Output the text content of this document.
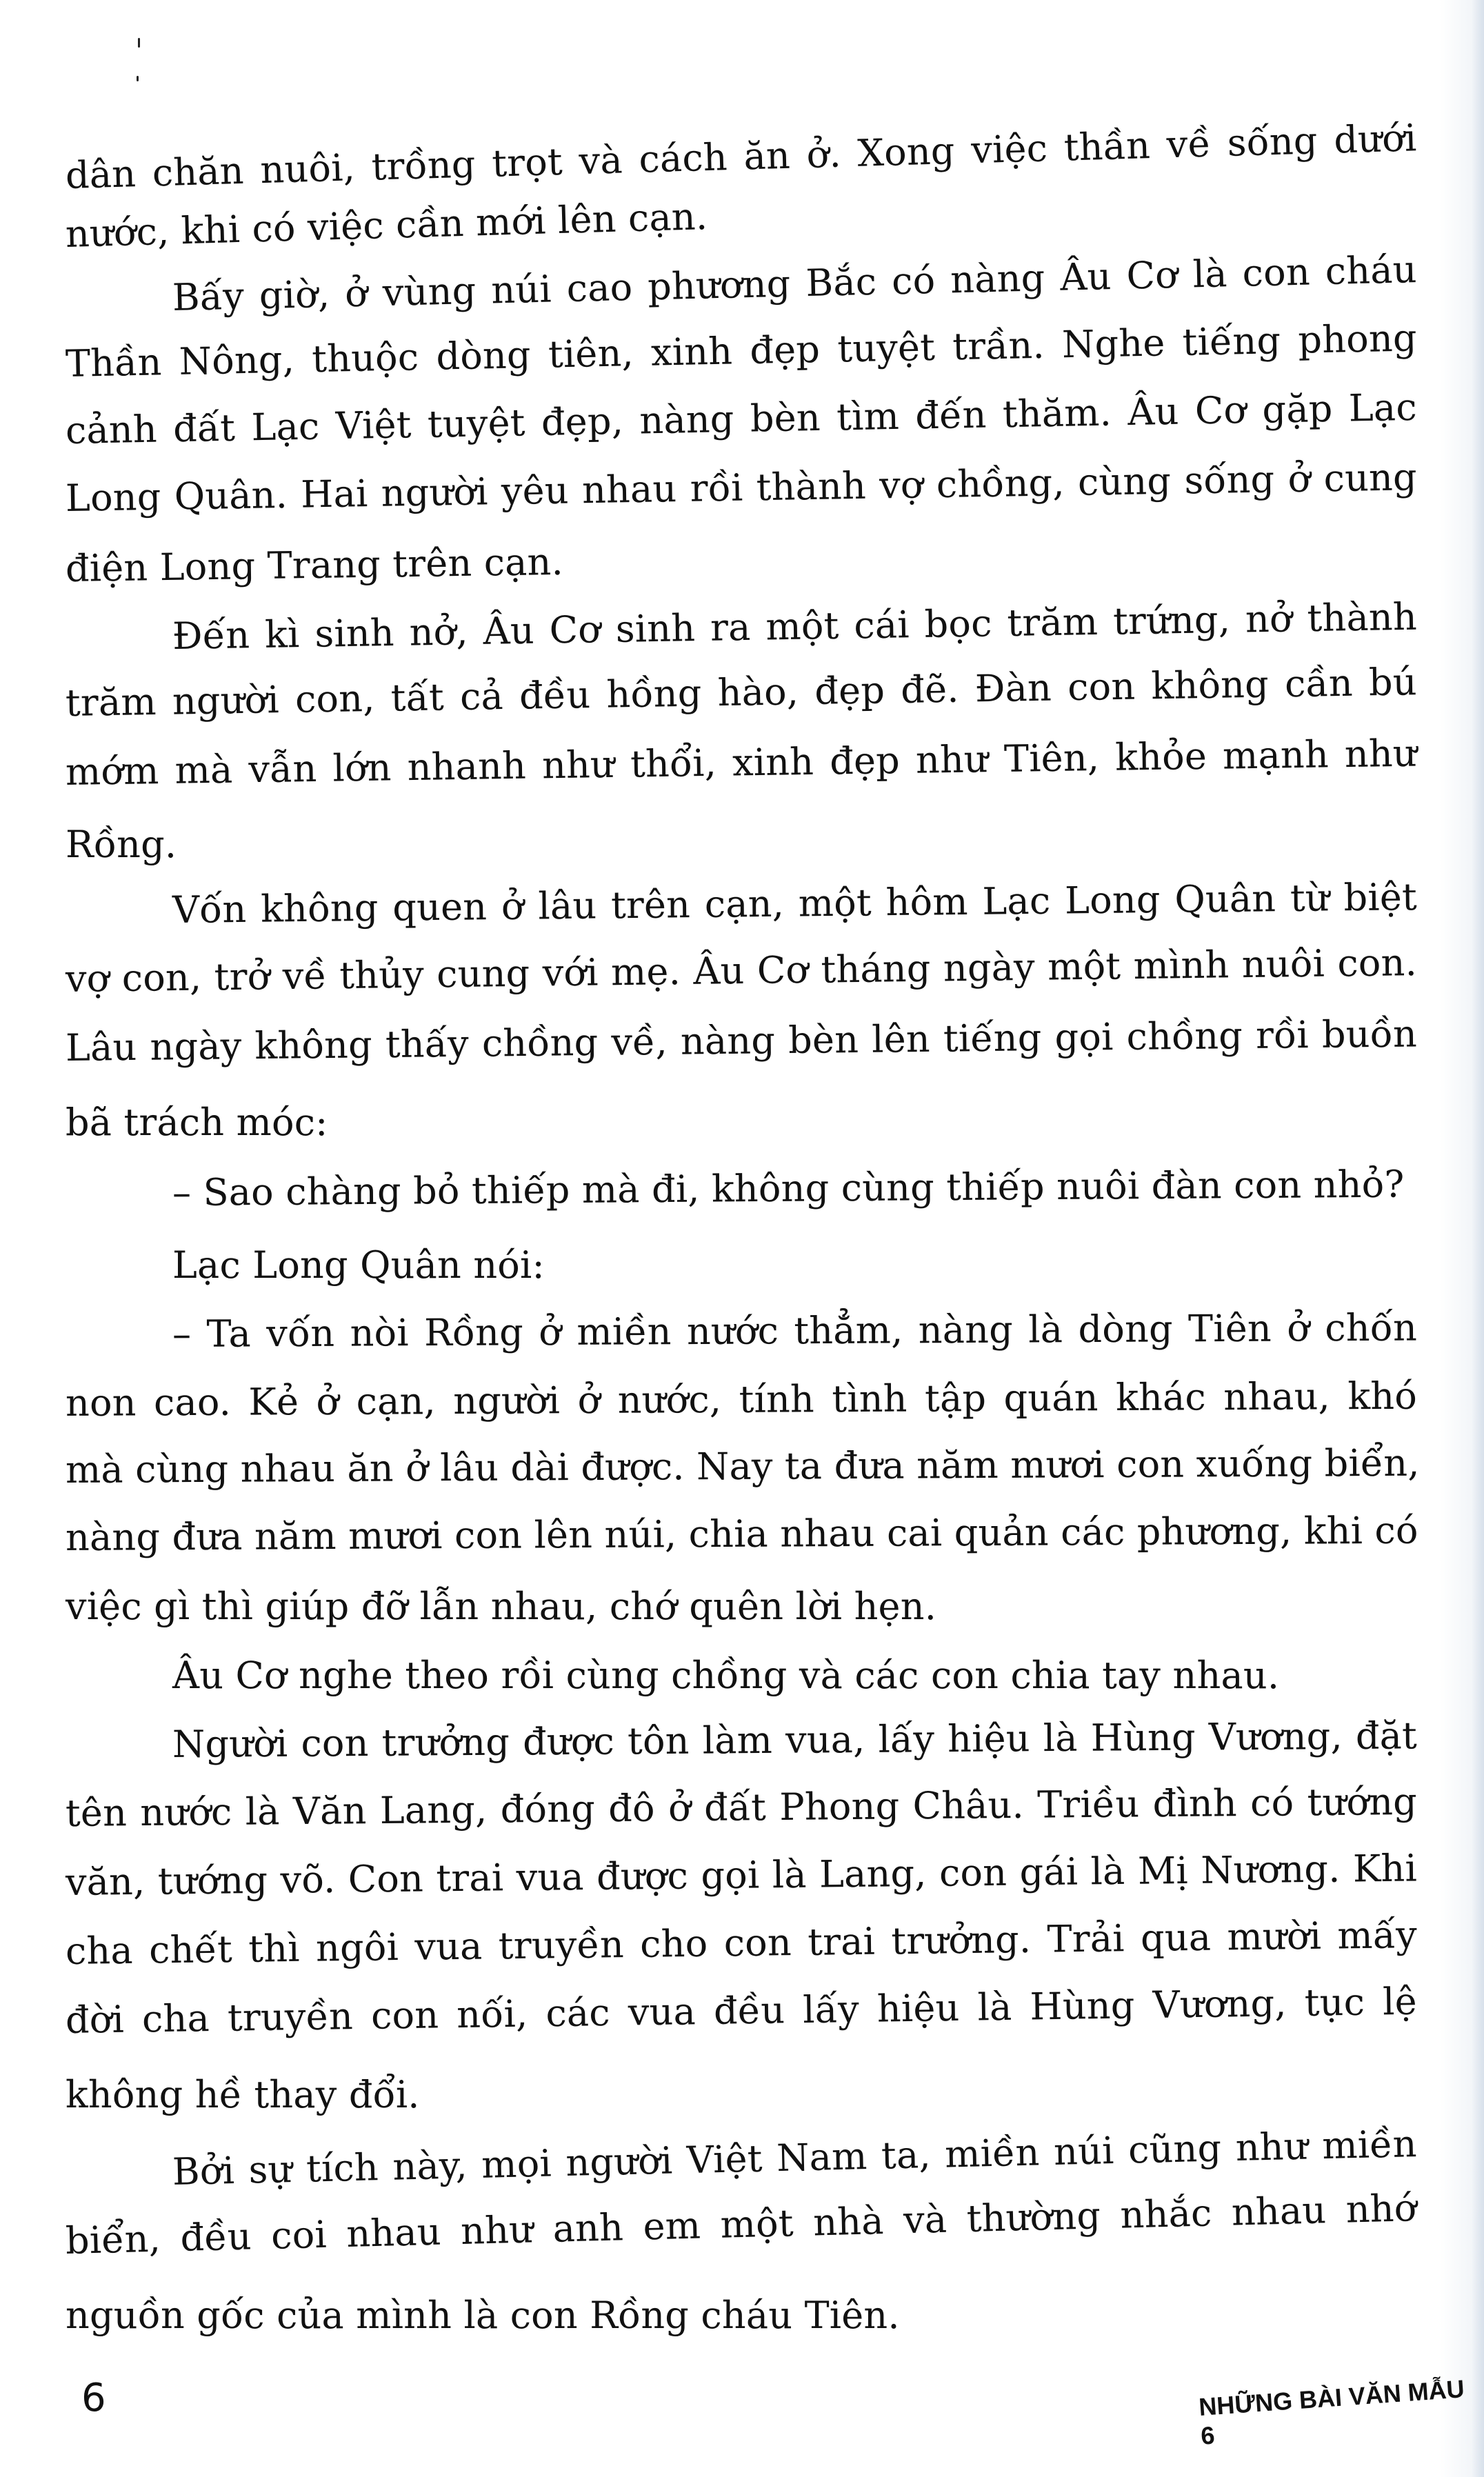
dân chăn nuôi, trồng trọt và cách ăn ở. Xong việc thần về sống dưới
nước, khi có việc cần mới lên cạn.
Bấy giờ, ở vùng núi cao phương Bắc có nàng Âu Cơ là con cháu
Thần Nông, thuộc dòng tiên, xinh đẹp tuyệt trần. Nghe tiếng phong
cảnh đất Lạc Việt tuyệt đẹp, nàng bèn tìm đến thăm. Âu Cơ gặp Lạc
Long Quân. Hai người yêu nhau rồi thành vợ chồng, cùng sống ở cung
điện Long Trang trên cạn.
Đến kì sinh nở, Âu Cơ sinh ra một cái bọc trăm trứng, nở thành
trăm người con, tất cả đều hồng hào, đẹp đẽ. Đàn con không cần bú
mớm mà vẫn lớn nhanh như thổi, xinh đẹp như Tiên, khỏe mạnh như
Rồng.
Vốn không quen ở lâu trên cạn, một hôm Lạc Long Quân từ biệt
vợ con, trở về thủy cung với mẹ. Âu Cơ tháng ngày một mình nuôi con.
Lâu ngày không thấy chồng về, nàng bèn lên tiếng gọi chồng rồi buồn
bã trách móc:
– Sao chàng bỏ thiếp mà đi, không cùng thiếp nuôi đàn con nhỏ?
Lạc Long Quân nói:
– Ta vốn nòi Rồng ở miền nước thẳm, nàng là dòng Tiên ở chốn
non cao. Kẻ ở cạn, người ở nước, tính tình tập quán khác nhau, khó
mà cùng nhau ăn ở lâu dài được. Nay ta đưa năm mươi con xuống biển,
nàng đưa năm mươi con lên núi, chia nhau cai quản các phương, khi có
việc gì thì giúp đỡ lẫn nhau, chớ quên lời hẹn.
Âu Cơ nghe theo rồi cùng chồng và các con chia tay nhau.
Người con trưởng được tôn làm vua, lấy hiệu là Hùng Vương, đặt
tên nước là Văn Lang, đóng đô ở đất Phong Châu. Triều đình có tướng
văn, tướng võ. Con trai vua được gọi là Lang, con gái là Mị Nương. Khi
cha chết thì ngôi vua truyền cho con trai trưởng. Trải qua mười mấy
đời cha truyền con nối, các vua đều lấy hiệu là Hùng Vương, tục lệ
không hề thay đổi.
Bởi sự tích này, mọi người Việt Nam ta, miền núi cũng như miền
biển, đều coi nhau như anh em một nhà và thường nhắc nhau nhớ
nguồn gốc của mình là con Rồng cháu Tiên.
6	NHỮNG BÀI VĂN MẪU 6
